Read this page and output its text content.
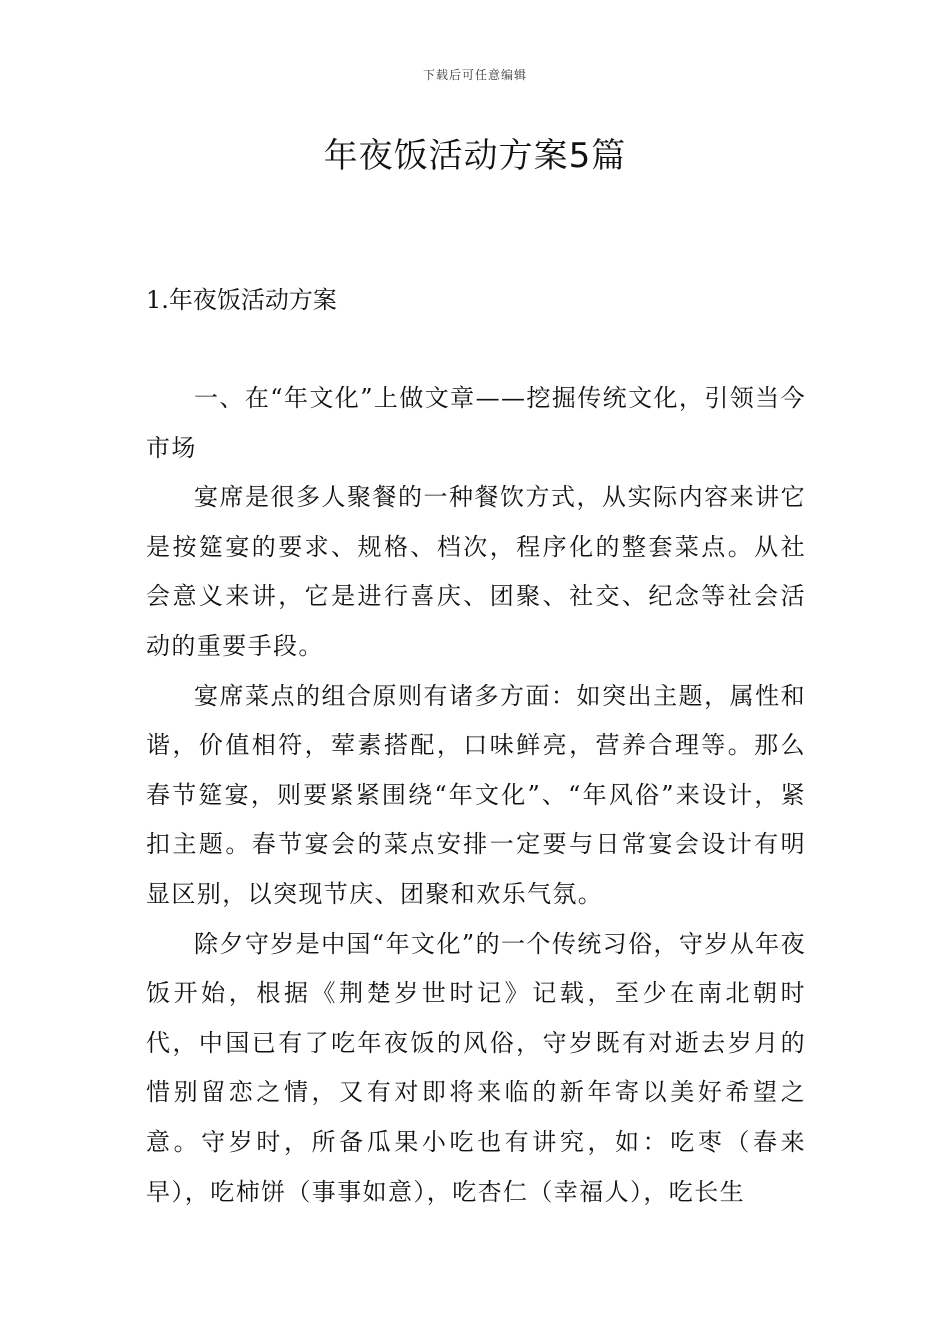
下载后可任意编辑
年夜饭活动方案5篇
1.年夜饭活动方案

一、在“年文化”上做文章——挖掘传统文化，引领当今市场

宴席是很多人聚餐的一种餐饮方式，从实际内容来讲它是按筵宴的要求、规格、档次，程序化的整套菜点。从社会意义来讲，它是进行喜庆、团聚、社交、纪念等社会活动的重要手段。

宴席菜点的组合原则有诸多方面：如突出主题，属性和谐，价值相符，荤素搭配，口味鲜亮，营养合理等。那么春节筵宴，则要紧紧围绕“年文化”、“年风俗”来设计，紧扣主题。春节宴会的菜点安排一定要与日常宴会设计有明显区别，以突现节庆、团聚和欢乐气氛。

除夕守岁是中国“年文化”的一个传统习俗，守岁从年夜饭开始，根据《荆楚岁世时记》记载，至少在南北朝时代，中国已有了吃年夜饭的风俗，守岁既有对逝去岁月的惜别留恋之情，又有对即将来临的新年寄以美好希望之意。守岁时，所备瓜果小吃也有讲究，如：吃枣（春来早），吃柿饼（事事如意），吃杏仁（幸福人），吃长生
